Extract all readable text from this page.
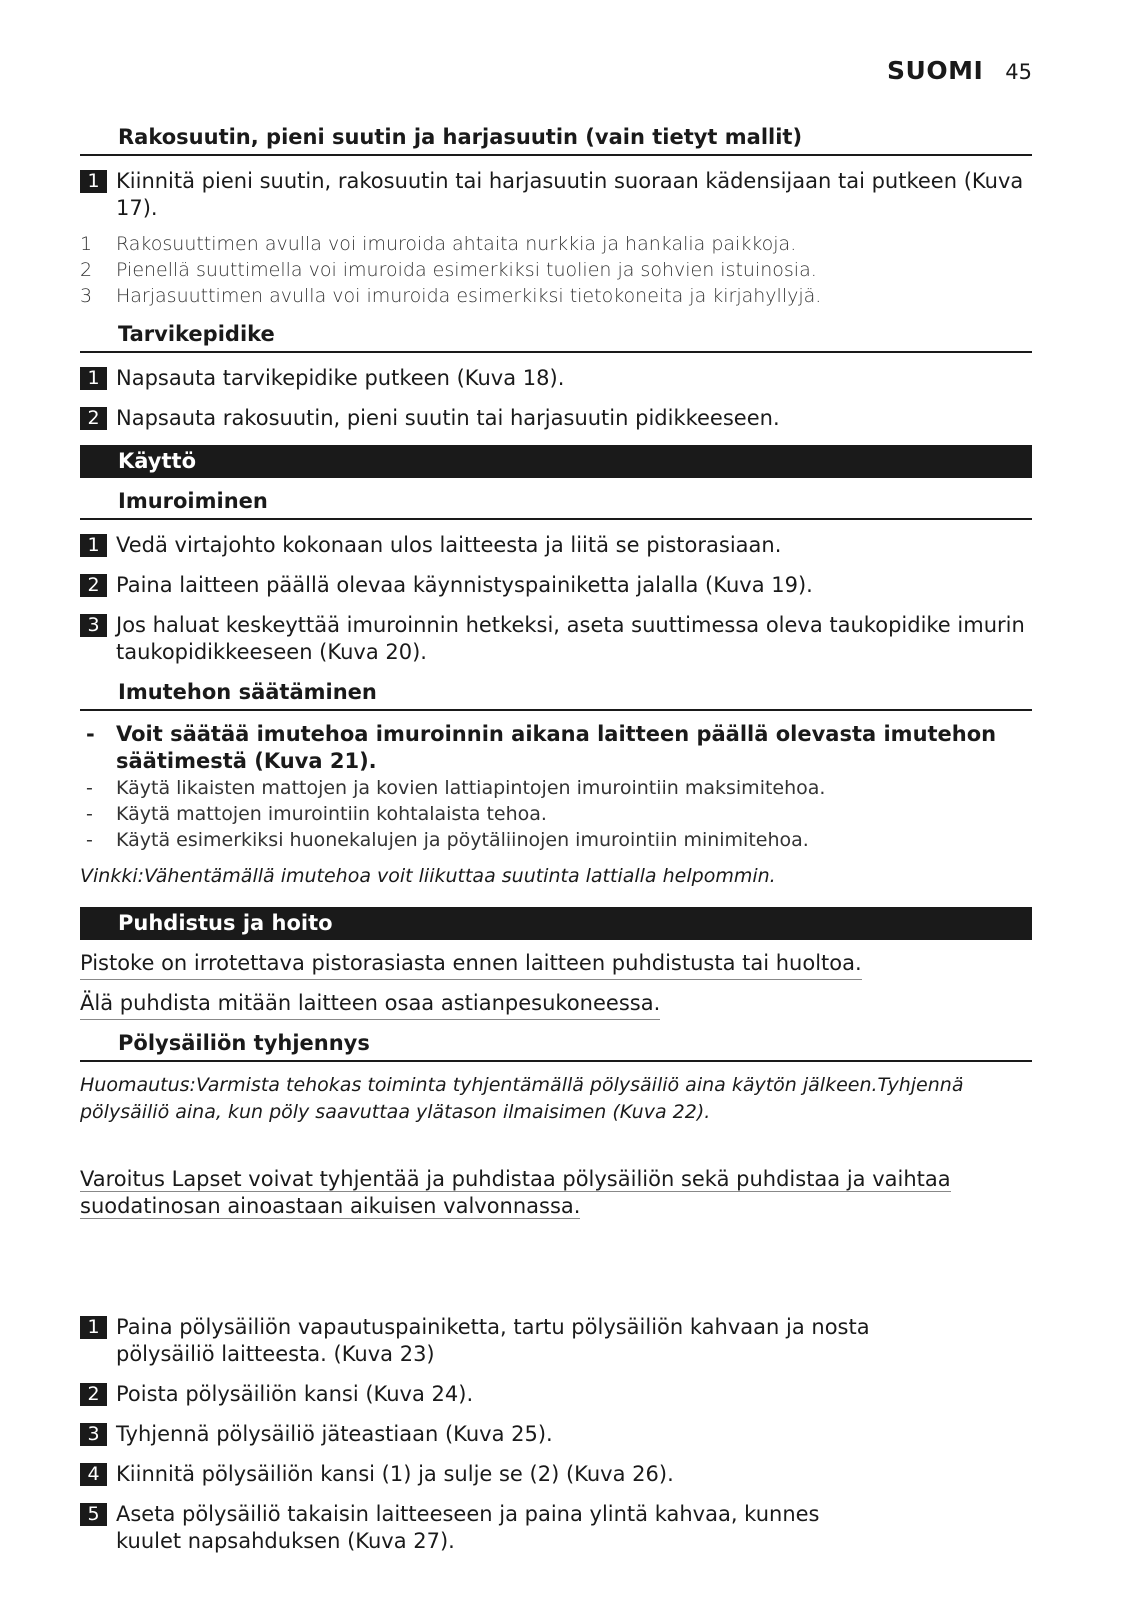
SUOMI 45
Rakosuutin, pieni suutin ja harjasuutin (vain tietyt mallit)
1 Kiinnitä pieni suutin, rakosuutin tai harjasuutin suoraan kädensijaan tai putkeen (Kuva 17).
1	Rakosuuttimen avulla voi imuroida ahtaita nurkkia ja hankalia paikkoja.
2	Pienellä suuttimella voi imuroida esimerkiksi tuolien ja sohvien istuinosia.
3	Harjasuuttimen avulla voi imuroida esimerkiksi tietokoneita ja kirjahyllyjä.
Tarvikepidike
1 Napsauta tarvikepidike putkeen (Kuva 18).
2 Napsauta rakosuutin, pieni suutin tai harjasuutin pidikkeeseen.
Käyttö
Imuroiminen
1 Vedä virtajohto kokonaan ulos laitteesta ja liitä se pistorasiaan.
2 Paina laitteen päällä olevaa käynnistyspainiketta jalalla (Kuva 19).
3 Jos haluat keskeyttää imuroinnin hetkeksi, aseta suuttimessa oleva taukopidike imurin taukopidikkeeseen (Kuva 20).
Imutehon säätäminen
-	Voit säätää imutehoa imuroinnin aikana laitteen päällä olevasta imutehon säätimestä (Kuva 21).
-	Käytä likaisten mattojen ja kovien lattiapintojen imurointiin maksimitehoa.
-	Käytä mattojen imurointiin kohtalaista tehoa.
-	Käytä esimerkiksi huonekalujen ja pöytäliinojen imurointiin minimitehoa.
Vinkki:Vähentämällä imutehoa voit liikuttaa suutinta lattialla helpommin.
Puhdistus ja hoito
Pistoke on irrotettava pistorasiasta ennen laitteen puhdistusta tai huoltoa.
Älä puhdista mitään laitteen osaa astianpesukoneessa.
Pölysäiliön tyhjennys
Huomautus:Varmista tehokas toiminta tyhjentämällä pölysäiliö aina käytön jälkeen.Tyhjennä pölysäiliö aina, kun pöly saavuttaa ylätason ilmaisimen (Kuva 22).
Varoitus Lapset voivat tyhjentää ja puhdistaa pölysäiliön sekä puhdistaa ja vaihtaa suodatinosan ainoastaan aikuisen valvonnassa.
1 Paina pölysäiliön vapautuspainiketta, tartu pölysäiliön kahvaan ja nosta pölysäiliö laitteesta. (Kuva 23)
2 Poista pölysäiliön kansi (Kuva 24).
3 Tyhjennä pölysäiliö jäteastiaan (Kuva 25).
4 Kiinnitä pölysäiliön kansi (1) ja sulje se (2) (Kuva 26).
5 Aseta pölysäiliö takaisin laitteeseen ja paina ylintä kahvaa, kunnes kuulet napsahduksen (Kuva 27).
